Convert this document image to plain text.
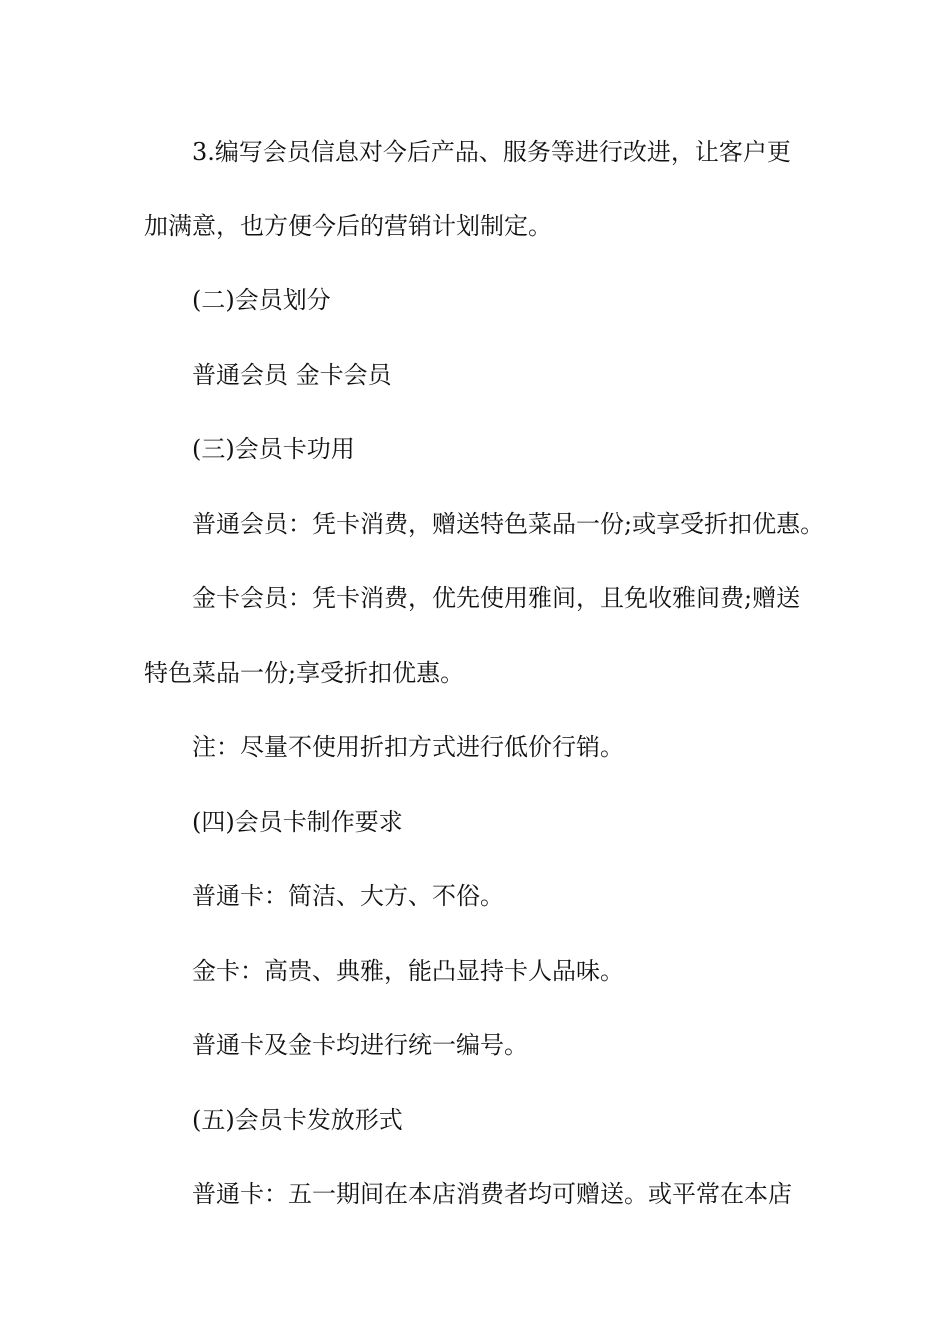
3.编写会员信息对今后产品、服务等进行改进，让客户更
加满意，也方便今后的营销计划制定。
(二)会员划分
普通会员 金卡会员
(三)会员卡功用
普通会员：凭卡消费，赠送特色菜品一份;或享受折扣优惠。
金卡会员：凭卡消费，优先使用雅间，且免收雅间费;赠送
特色菜品一份;享受折扣优惠。
注：尽量不使用折扣方式进行低价行销。
(四)会员卡制作要求
普通卡：简洁、大方、不俗。
金卡：高贵、典雅，能凸显持卡人品味。
普通卡及金卡均进行统一编号。
(五)会员卡发放形式
普通卡：五一期间在本店消费者均可赠送。或平常在本店
